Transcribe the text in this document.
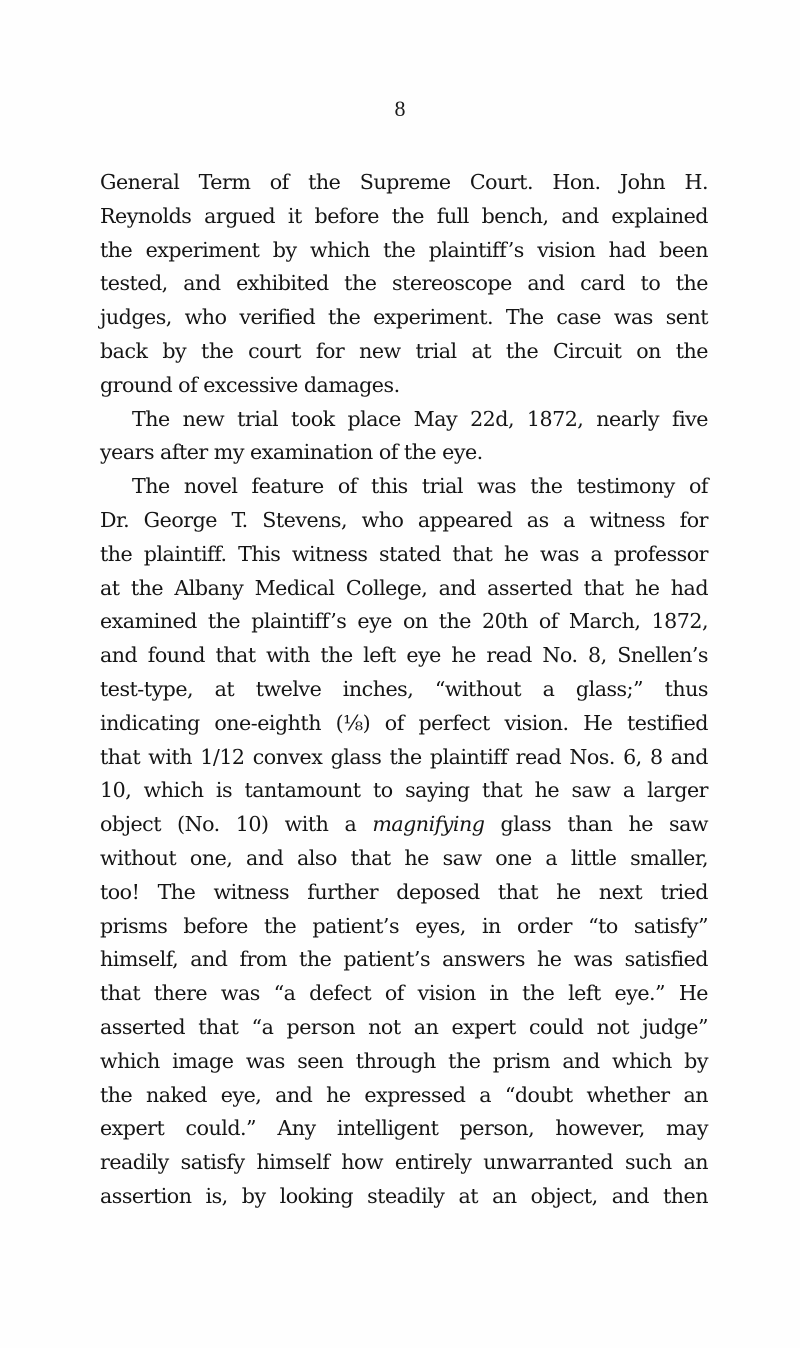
8
General Term of the Supreme Court. Hon. John H.
Reynolds argued it before the full bench, and explained
the experiment by which the plaintiff’s vision had been
tested, and exhibited the stereoscope and card to the
judges, who verified the experiment. The case was sent
back by the court for new trial at the Circuit on the
ground of excessive damages.
The new trial took place May 22d, 1872, nearly five
years after my examination of the eye.
The novel feature of this trial was the testimony of
Dr. George T. Stevens, who appeared as a witness for
the plaintiff. This witness stated that he was a professor
at the Albany Medical College, and asserted that he had
examined the plaintiff’s eye on the 20th of March, 1872,
and found that with the left eye he read No. 8, Snellen’s
test-type, at twelve inches, “without a glass;” thus
indicating one-eighth (⅛) of perfect vision. He testified
that with 1/12 convex glass the plaintiff read Nos. 6, 8 and
10, which is tantamount to saying that he saw a larger
object (No. 10) with a magnifying glass than he saw
without one, and also that he saw one a little smaller,
too! The witness further deposed that he next tried
prisms before the patient’s eyes, in order “to satisfy”
himself, and from the patient’s answers he was satisfied
that there was “a defect of vision in the left eye.” He
asserted that “a person not an expert could not judge”
which image was seen through the prism and which by
the naked eye, and he expressed a “doubt whether an
expert could.” Any intelligent person, however, may
readily satisfy himself how entirely unwarranted such an
assertion is, by looking steadily at an object, and then
